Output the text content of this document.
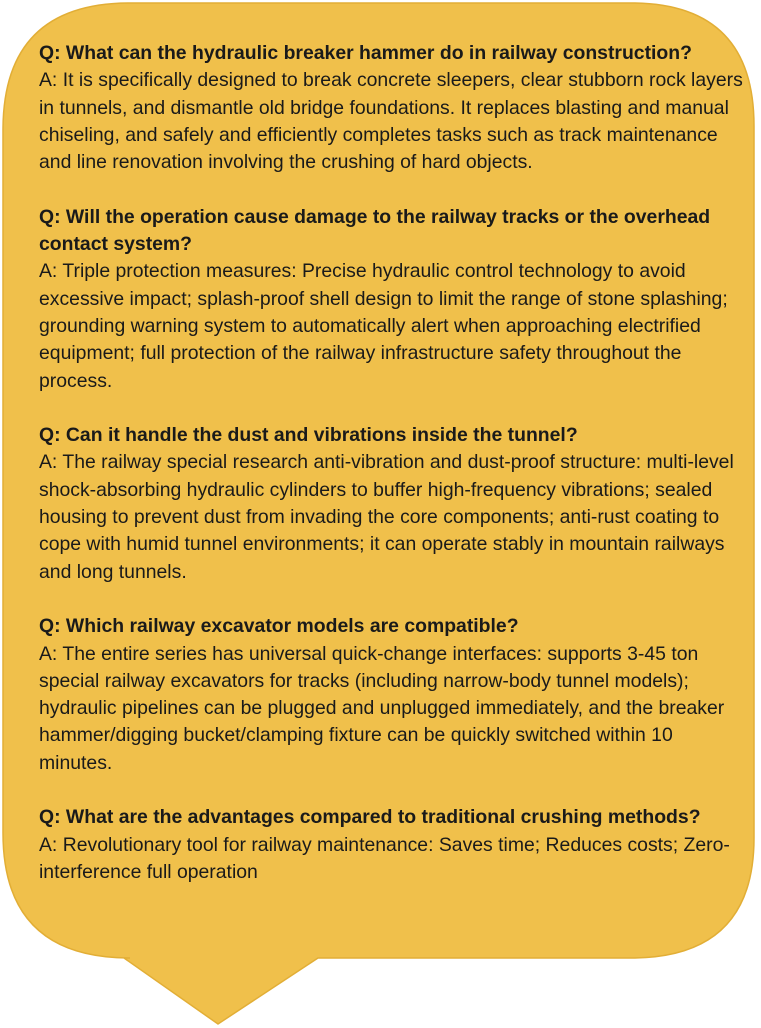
Q: What can the hydraulic breaker hammer do in railway construction?

A: It is specifically designed to break concrete sleepers, clear stubborn rock layers in tunnels, and dismantle old bridge foundations. It replaces blasting and manual chiseling, and safely and efficiently completes tasks such as track maintenance and line renovation involving the crushing of hard objects.

Q: Will the operation cause damage to the railway tracks or the overhead contact system?

A: Triple protection measures: Precise hydraulic control technology to avoid excessive impact; splash-proof shell design to limit the range of stone splashing; grounding warning system to automatically alert when approaching electrified equipment; full protection of the railway infrastructure safety throughout the process.

Q: Can it handle the dust and vibrations inside the tunnel?

A: The railway special research anti-vibration and dust-proof structure: multi-level shock-absorbing hydraulic cylinders to buffer high-frequency vibrations; sealed housing to prevent dust from invading the core components; anti-rust coating to cope with humid tunnel environments; it can operate stably in mountain railways and long tunnels.

Q: Which railway excavator models are compatible?

A: The entire series has universal quick-change interfaces: supports 3-45 ton special railway excavators for tracks (including narrow-body tunnel models); hydraulic pipelines can be plugged and unplugged immediately, and the breaker hammer/digging bucket/clamping fixture can be quickly switched within 10 minutes.

Q: What are the advantages compared to traditional crushing methods?

A: Revolutionary tool for railway maintenance: Saves time; Reduces costs; Zero-interference full operation
